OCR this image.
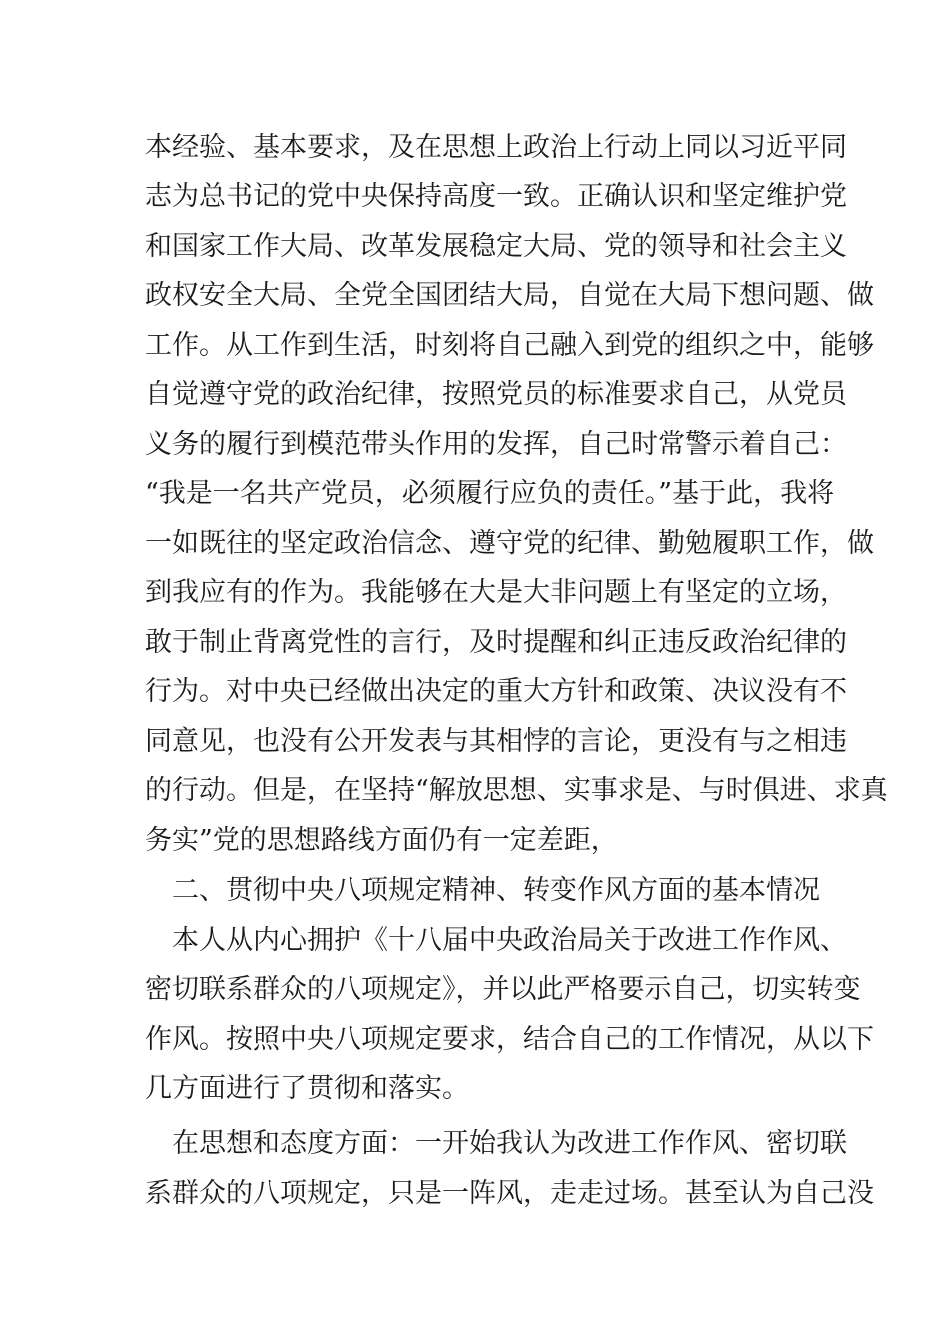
本经验、基本要求，及在思想上政治上行动上同以习近平同
志为总书记的党中央保持高度一致。正确认识和坚定维护党
和国家工作大局、改革发展稳定大局、党的领导和社会主义
政权安全大局、全党全国团结大局，自觉在大局下想问题、做
工作。从工作到生活，时刻将自己融入到党的组织之中，能够
自觉遵守党的政治纪律，按照党员的标准要求自己，从党员
义务的履行到模范带头作用的发挥，自己时常警示着自己：
“我是一名共产党员，必须履行应负的责任。”基于此，我将
一如既往的坚定政治信念、遵守党的纪律、勤勉履职工作，做
到我应有的作为。我能够在大是大非问题上有坚定的立场，
敢于制止背离党性的言行，及时提醒和纠正违反政治纪律的
行为。对中央已经做出决定的重大方针和政策、决议没有不
同意见，也没有公开发表与其相悖的言论，更没有与之相违
的行动。但是，在坚持“解放思想、实事求是、与时俱进、求真
务实”党的思想路线方面仍有一定差距，
二、贯彻中央八项规定精神、转变作风方面的基本情况
本人从内心拥护《十八届中央政治局关于改进工作作风、
密切联系群众的八项规定》，并以此严格要示自己，切实转变
作风。按照中央八项规定要求，结合自己的工作情况，从以下
几方面进行了贯彻和落实。
在思想和态度方面：一开始我认为改进工作作风、密切联
系群众的八项规定，只是一阵风，走走过场。甚至认为自己没
